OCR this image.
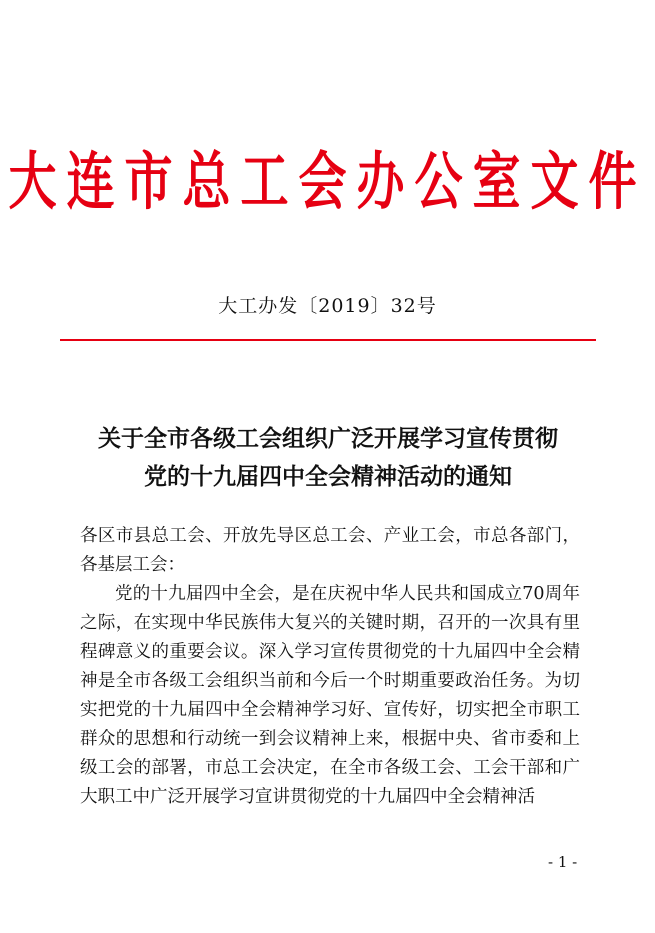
大连市总工会办公室文件
大工办发〔2019〕32号
关于全市各级工会组织广泛开展学习宣传贯彻
党的十九届四中全会精神活动的通知

各区市县总工会、开放先导区总工会、产业工会，市总各部门，各基层工会：

党的十九届四中全会，是在庆祝中华人民共和国成立70周年之际，在实现中华民族伟大复兴的关键时期，召开的一次具有里程碑意义的重要会议。深入学习宣传贯彻党的十九届四中全会精神是全市各级工会组织当前和今后一个时期重要政治任务。为切实把党的十九届四中全会精神学习好、宣传好，切实把全市职工群众的思想和行动统一到会议精神上来，根据中央、省市委和上级工会的部署，市总工会决定，在全市各级工会、工会干部和广大职工中广泛开展学习宣讲贯彻党的十九届四中全会精神活

- 1 -
